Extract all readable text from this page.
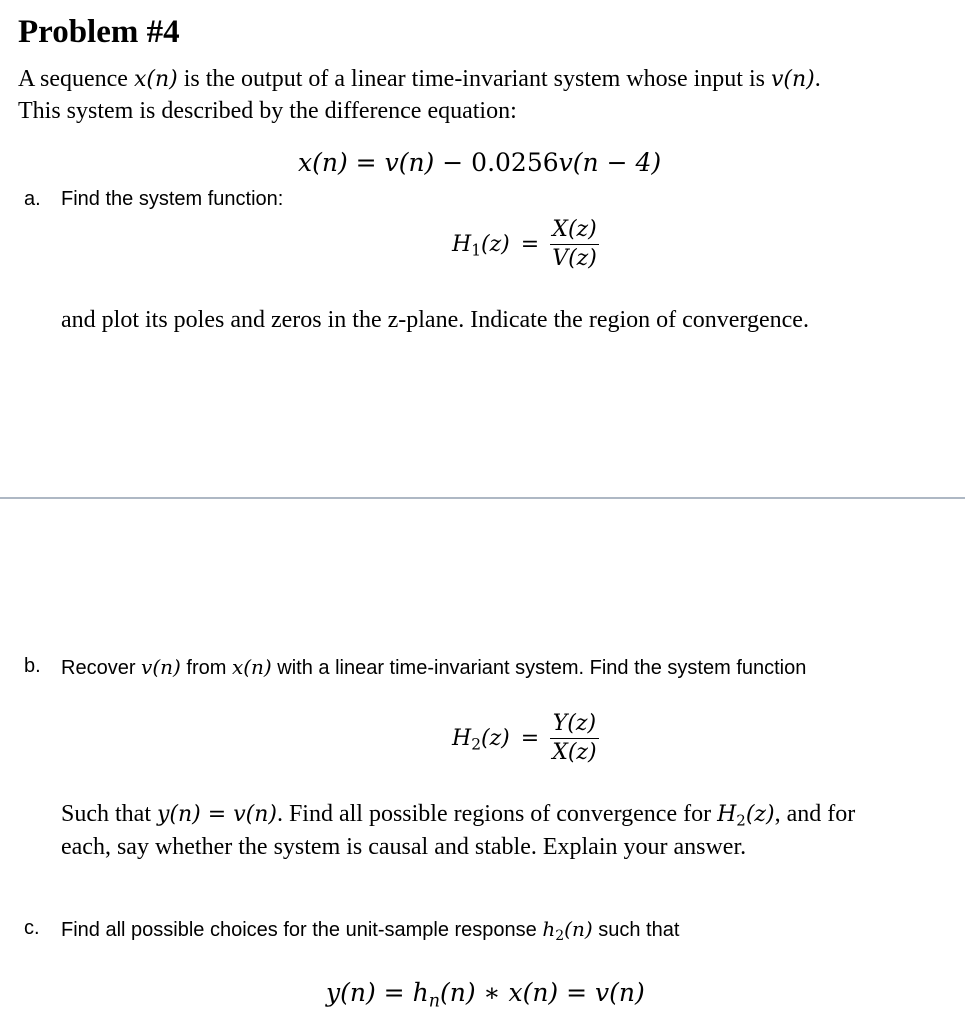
Problem #4
A sequence x(n) is the output of a linear time-invariant system whose input is v(n).
This system is described by the difference equation:
x(n) = v(n) − 0.0256v(n − 4)
a. Find the system function:
$H_1(z) = \frac{X(z)}{V(z)}$
and plot its poles and zeros in the z-plane. Indicate the region of convergence.
b. Recover v(n) from x(n) with a linear time-invariant system. Find the system function
$H_2(z) = \frac{Y(z)}{X(z)}$
Such that y(n) = v(n). Find all possible regions of convergence for $H_2(z)$, and for
each, say whether the system is causal and stable. Explain your answer.
c. Find all possible choices for the unit-sample response $h_2(n)$ such that
$y(n) = h_n(n)$ ∗ x(n) = v(n)
